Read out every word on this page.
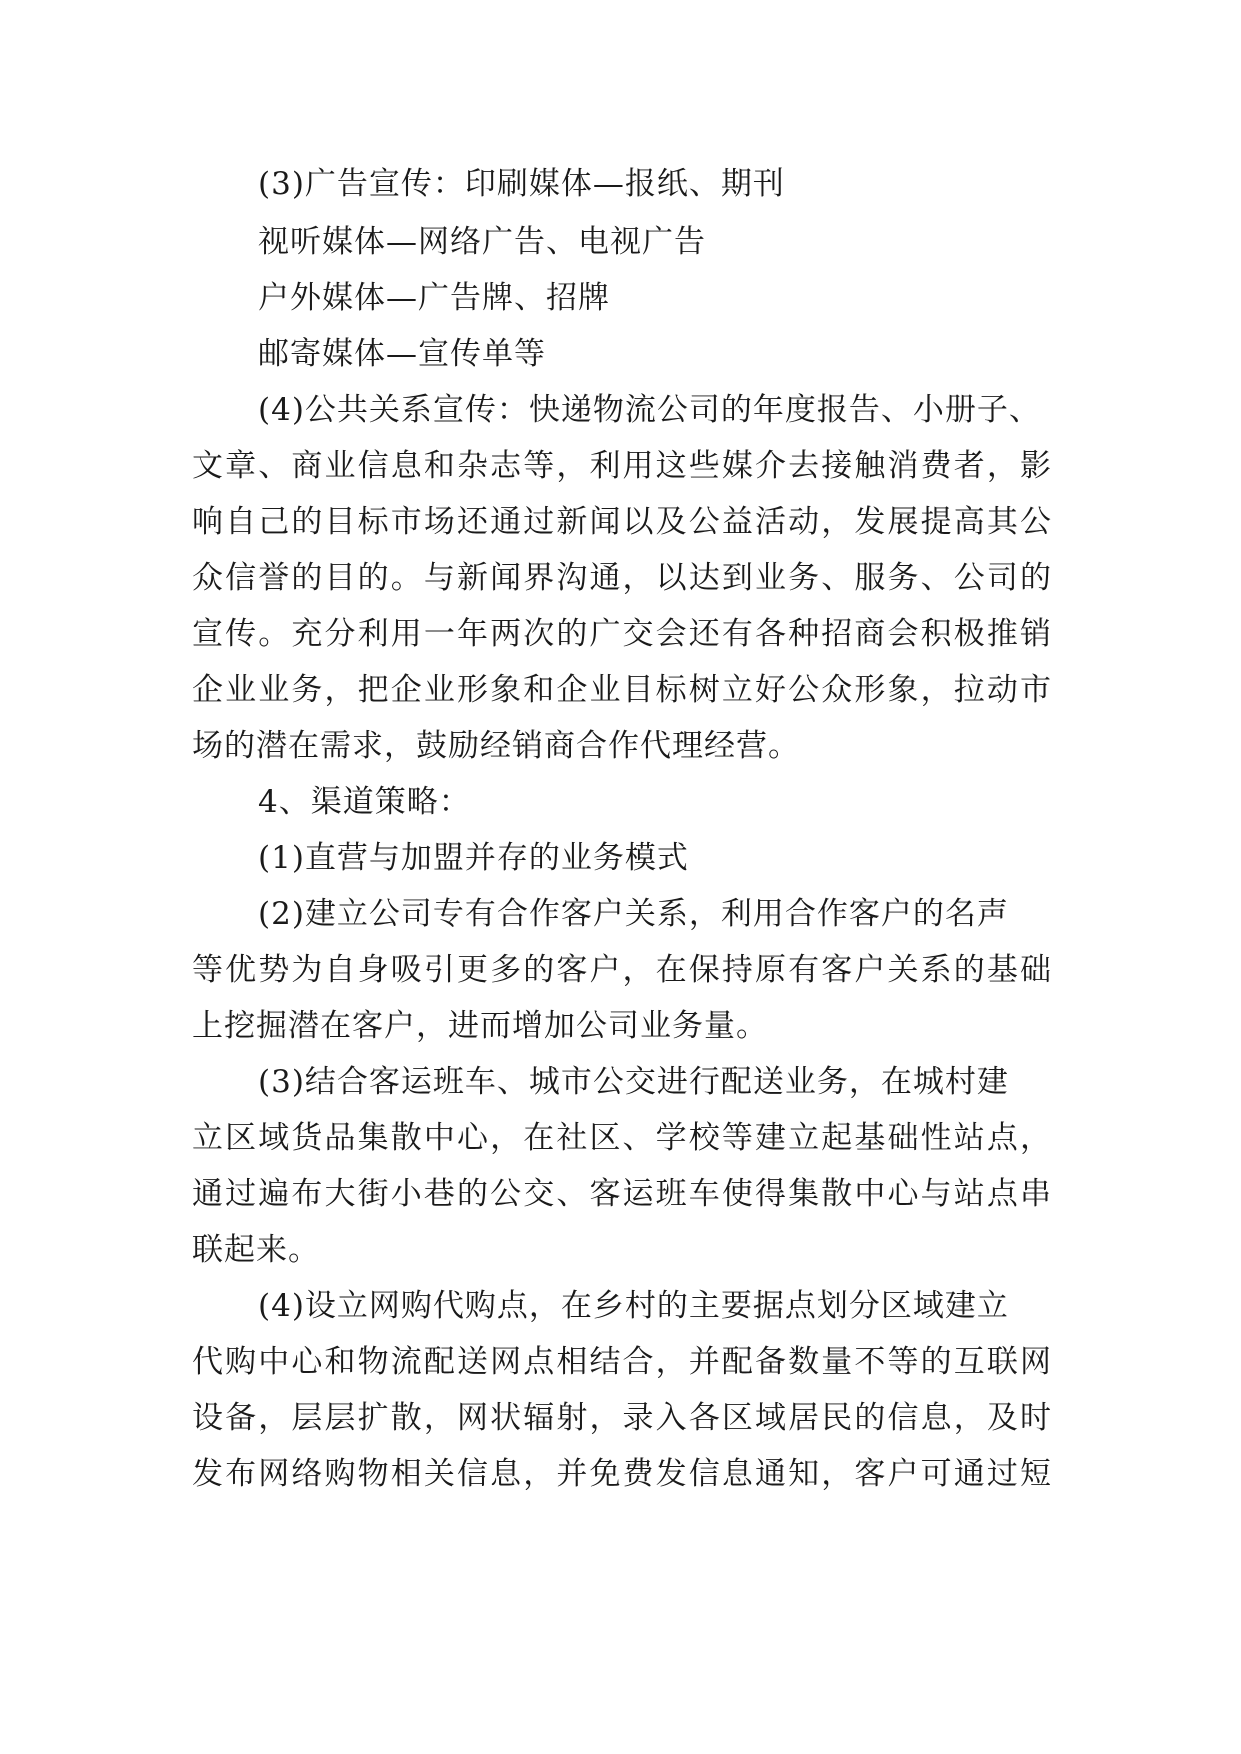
(3)广告宣传：印刷媒体—报纸、期刊
视听媒体—网络广告、电视广告
户外媒体—广告牌、招牌
邮寄媒体—宣传单等
(4)公共关系宣传：快递物流公司的年度报告、小册子、
文章、商业信息和杂志等，利用这些媒介去接触消费者，影
响自己的目标市场还通过新闻以及公益活动，发展提高其公
众信誉的目的。与新闻界沟通，以达到业务、服务、公司的
宣传。充分利用一年两次的广交会还有各种招商会积极推销
企业业务，把企业形象和企业目标树立好公众形象，拉动市
场的潜在需求，鼓励经销商合作代理经营。
4、渠道策略：
(1)直营与加盟并存的业务模式
(2)建立公司专有合作客户关系，利用合作客户的名声
等优势为自身吸引更多的客户，在保持原有客户关系的基础
上挖掘潜在客户，进而增加公司业务量。
(3)结合客运班车、城市公交进行配送业务，在城村建
立区域货品集散中心，在社区、学校等建立起基础性站点，
通过遍布大街小巷的公交、客运班车使得集散中心与站点串
联起来。
(4)设立网购代购点，在乡村的主要据点划分区域建立
代购中心和物流配送网点相结合，并配备数量不等的互联网
设备，层层扩散，网状辐射，录入各区域居民的信息，及时
发布网络购物相关信息，并免费发信息通知，客户可通过短
